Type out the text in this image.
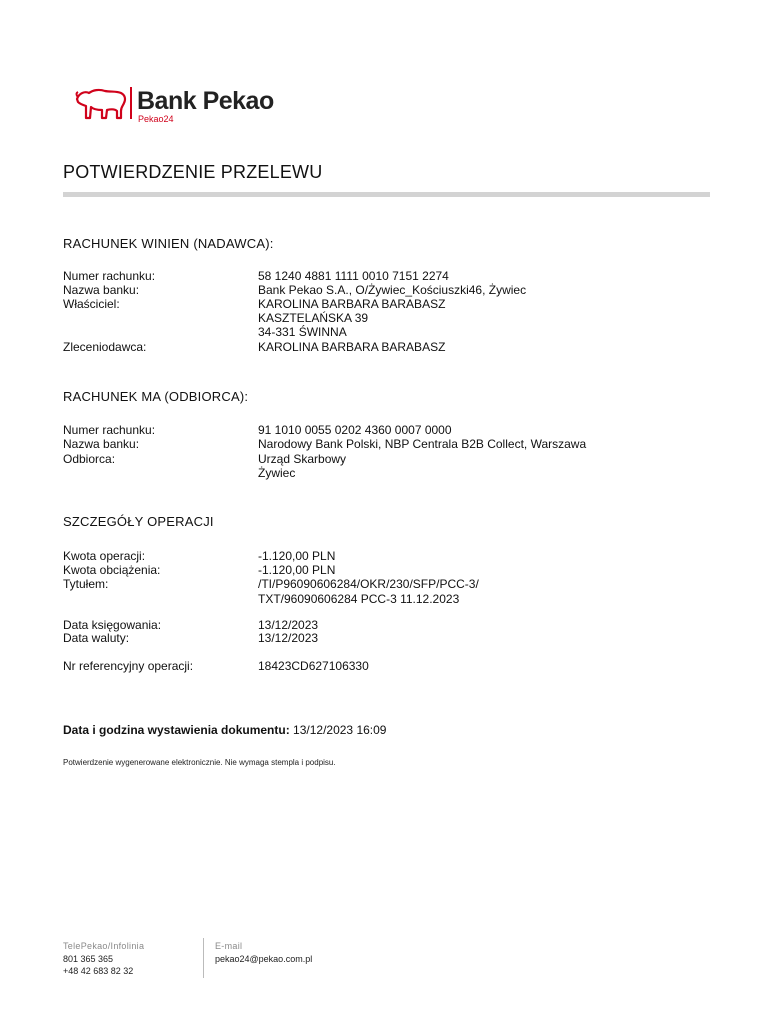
Bank Pekao
Pekao24
POTWIERDZENIE PRZELEWU
RACHUNEK WINIEN (NADAWCA):
Numer rachunku:	58 1240 4881 1111 0010 7151 2274
Nazwa banku:	Bank Pekao S.A., O/Żywiec_Kościuszki46, Żywiec
Właściciel:	KAROLINA BARBARA BARABASZ
KASZTELAŃSKA 39
34-331 ŚWINNA
Zleceniodawca:	KAROLINA BARBARA BARABASZ
RACHUNEK MA (ODBIORCA):
Numer rachunku:	91 1010 0055 0202 4360 0007 0000
Nazwa banku:	Narodowy Bank Polski, NBP Centrala B2B Collect, Warszawa
Odbiorca:	Urząd Skarbowy
Żywiec
SZCZEGÓŁY OPERACJI
Kwota operacji:	-1.120,00 PLN
Kwota obciążenia:	-1.120,00 PLN
Tytułem:	/TI/P96090606284/OKR/230/SFP/PCC-3/
TXT/96090606284 PCC-3 11.12.2023
Data księgowania:	13/12/2023
Data waluty:	13/12/2023
Nr referencyjny operacji:	18423CD627106330
Data i godzina wystawienia dokumentu: 13/12/2023 16:09
Potwierdzenie wygenerowane elektronicznie. Nie wymaga stempla i podpisu.
TelePekao/Infolinia
801 365 365
+48 42 683 82 32
E-mail
pekao24@pekao.com.pl
